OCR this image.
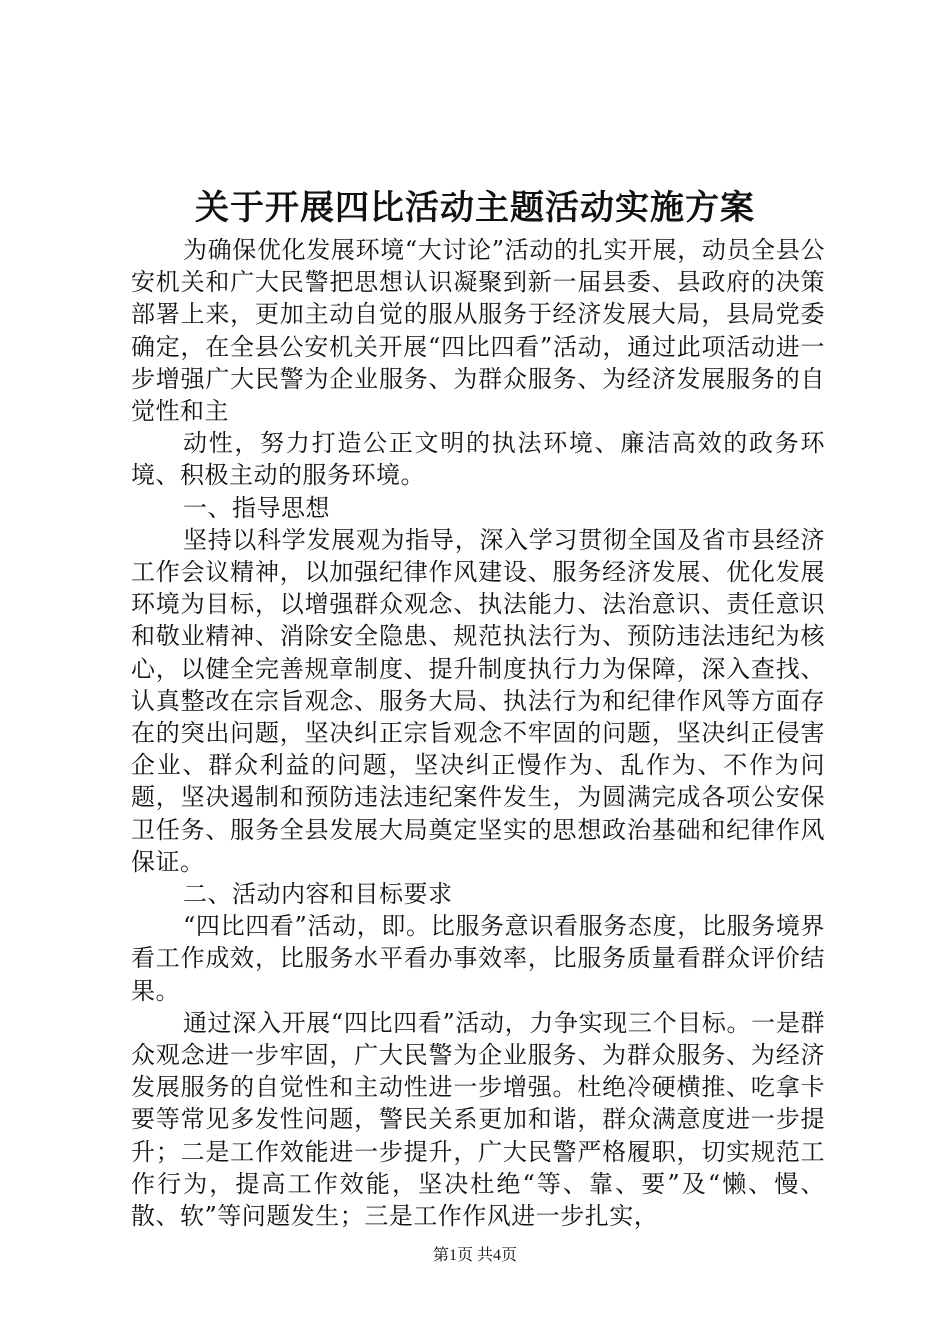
关于开展四比活动主题活动实施方案

为确保优化发展环境“大讨论”活动的扎实开展，动员全县公安机关和广大民警把思想认识凝聚到新一届县委、县政府的决策部署上来，更加主动自觉的服从服务于经济发展大局，县局党委确定，在全县公安机关开展“四比四看”活动，通过此项活动进一步增强广大民警为企业服务、为群众服务、为经济发展服务的自觉性和主

动性，努力打造公正文明的执法环境、廉洁高效的政务环境、积极主动的服务环境。

一、指导思想

坚持以科学发展观为指导，深入学习贯彻全国及省市县经济工作会议精神，以加强纪律作风建设、服务经济发展、优化发展环境为目标，以增强群众观念、执法能力、法治意识、责任意识和敬业精神、消除安全隐患、规范执法行为、预防违法违纪为核心，以健全完善规章制度、提升制度执行力为保障，深入查找、认真整改在宗旨观念、服务大局、执法行为和纪律作风等方面存在的突出问题，坚决纠正宗旨观念不牢固的问题，坚决纠正侵害企业、群众利益的问题，坚决纠正慢作为、乱作为、不作为问题，坚决遏制和预防违法违纪案件发生，为圆满完成各项公安保卫任务、服务全县发展大局奠定坚实的思想政治基础和纪律作风保证。

二、活动内容和目标要求

“四比四看”活动，即。比服务意识看服务态度，比服务境界看工作成效，比服务水平看办事效率，比服务质量看群众评价结果。

通过深入开展“四比四看”活动，力争实现三个目标。一是群众观念进一步牢固，广大民警为企业服务、为群众服务、为经济发展服务的自觉性和主动性进一步增强。杜绝冷硬横推、吃拿卡要等常见多发性问题，警民关系更加和谐，群众满意度进一步提升；二是工作效能进一步提升，广大民警严格履职，切实规范工作行为，提高工作效能，坚决杜绝“等、靠、要”及“懒、慢、散、软”等问题发生；三是工作作风进一步扎实，

第1页 共4页
